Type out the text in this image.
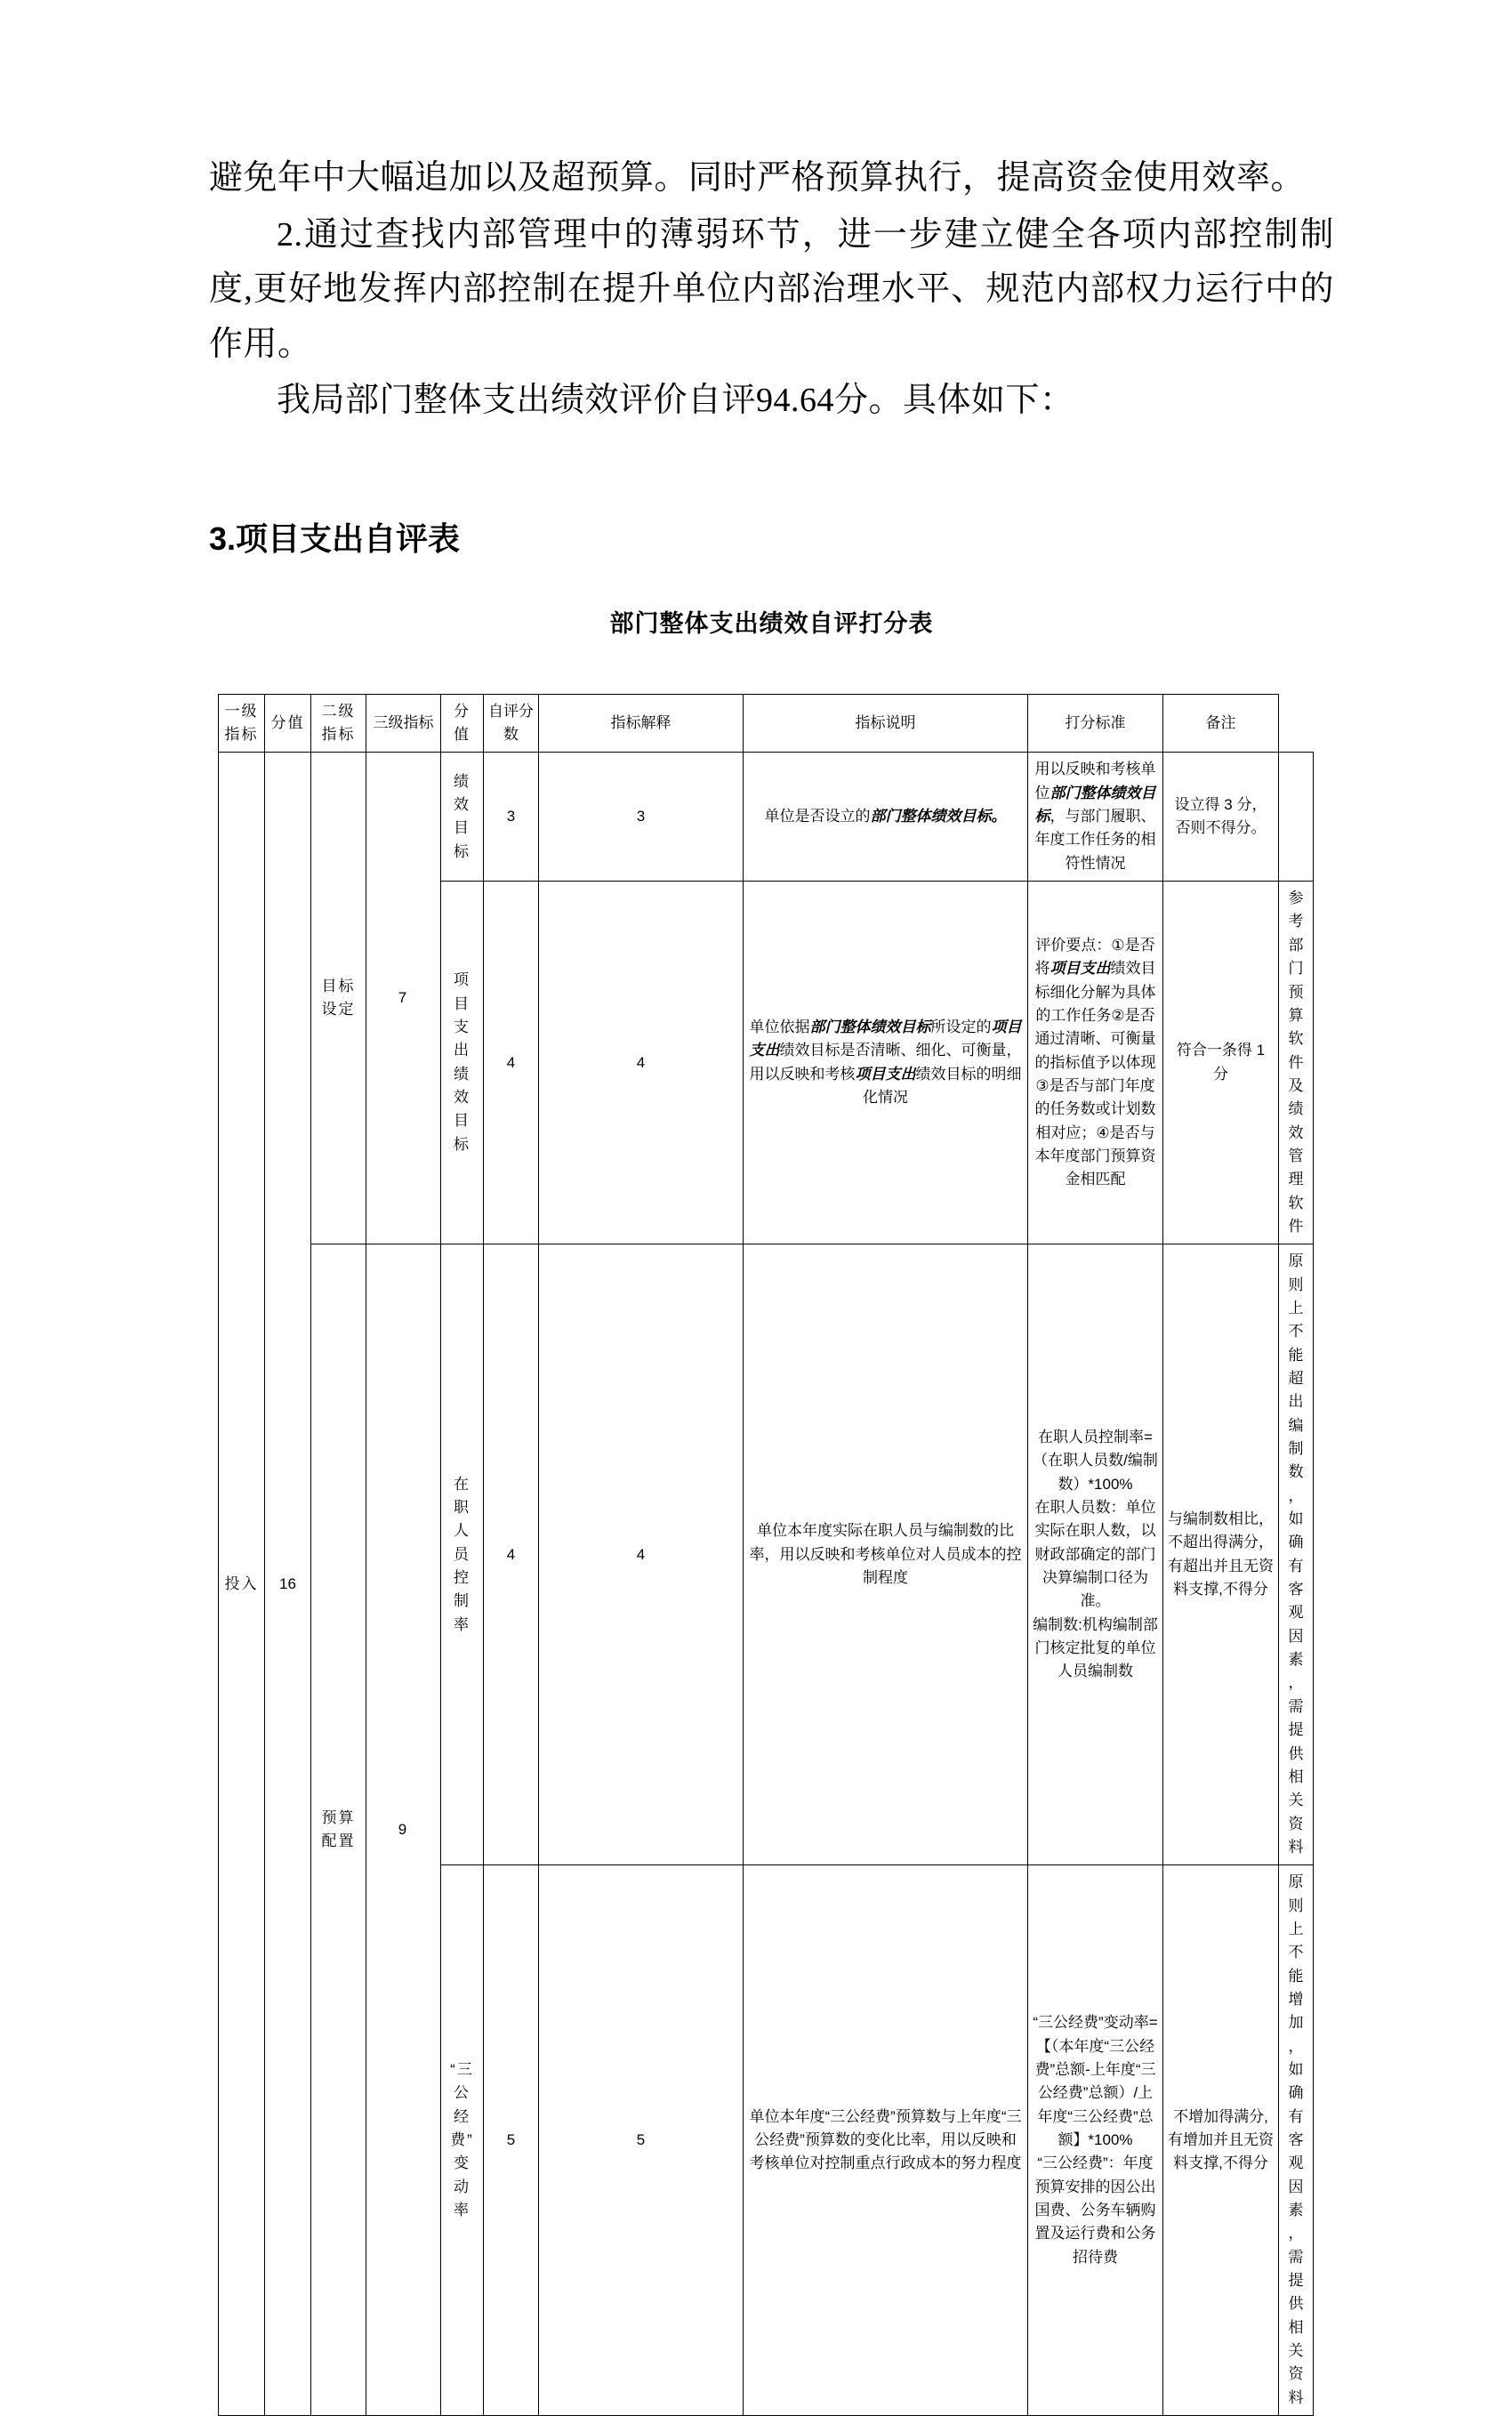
避免年中大幅追加以及超预算。同时严格预算执行，提高资金使用效率。

2.通过查找内部管理中的薄弱环节，进一步建立健全各项内部控制制度,更好地发挥内部控制在提升单位内部治理水平、规范内部权力运行中的作用。

我局部门整体支出绩效评价自评94.64分。具体如下：

3.项目支出自评表
部门整体支出绩效自评打分表
一级指标	分值	二级指标	三级指标	分值	自评分数	指标解释	指标说明	打分标准	备注	
投入	16	目标设定	7	绩效目标	3	3	单位是否设立的部门整体绩效目标。	用以反映和考核单位部门整体绩效目标，与部门履职、年度工作任务的相符性情况	设立得 3 分，否则不得分。	
				项目支出绩效目标	4	4	单位依据部门整体绩效目标所设定的项目支出绩效目标是否清晰、细化、可衡量，用以反映和考核项目支出绩效目标的明细化情况	评价要点：①是否将项目支出绩效目标细化分解为具体的工作任务②是否通过清晰、可衡量的指标值予以体现③是否与部门年度的任务数或计划数相对应；④是否与本年度部门预算资金相匹配	符合一条得 1 分	参考部门预算软件及绩效管理软件
		预算配置	9	在职人员控制率	4	4	单位本年度实际在职人员与编制数的比率，用以反映和考核单位对人员成本的控制程度	在职人员控制率=（在职人员数/编制数）*100%
在职人员数：单位实际在职人数，以财政部确定的部门决算编制口径为准。
编制数:机构编制部门核定批复的单位人员编制数	与编制数相比，不超出得满分，有超出并且无资料支撑,不得分	原则上不能超出编制数，如确有客观因素，需提供相关资料
				“三公经费”变动率	5	5	单位本年度“三公经费”预算数与上年度“三公经费”预算数的变化比率，用以反映和考核单位对控制重点行政成本的努力程度	“三公经费”变动率=【（本年度“三公经费”总额-上年度“三公经费”总额）/上年度“三公经费”总额】*100%
“三公经费”：年度预算安排的因公出国费、公务车辆购置及运行费和公务招待费	不增加得满分,有增加并且无资料支撑,不得分	原则上不能增加，如确有客观因素，需提供相关资料
